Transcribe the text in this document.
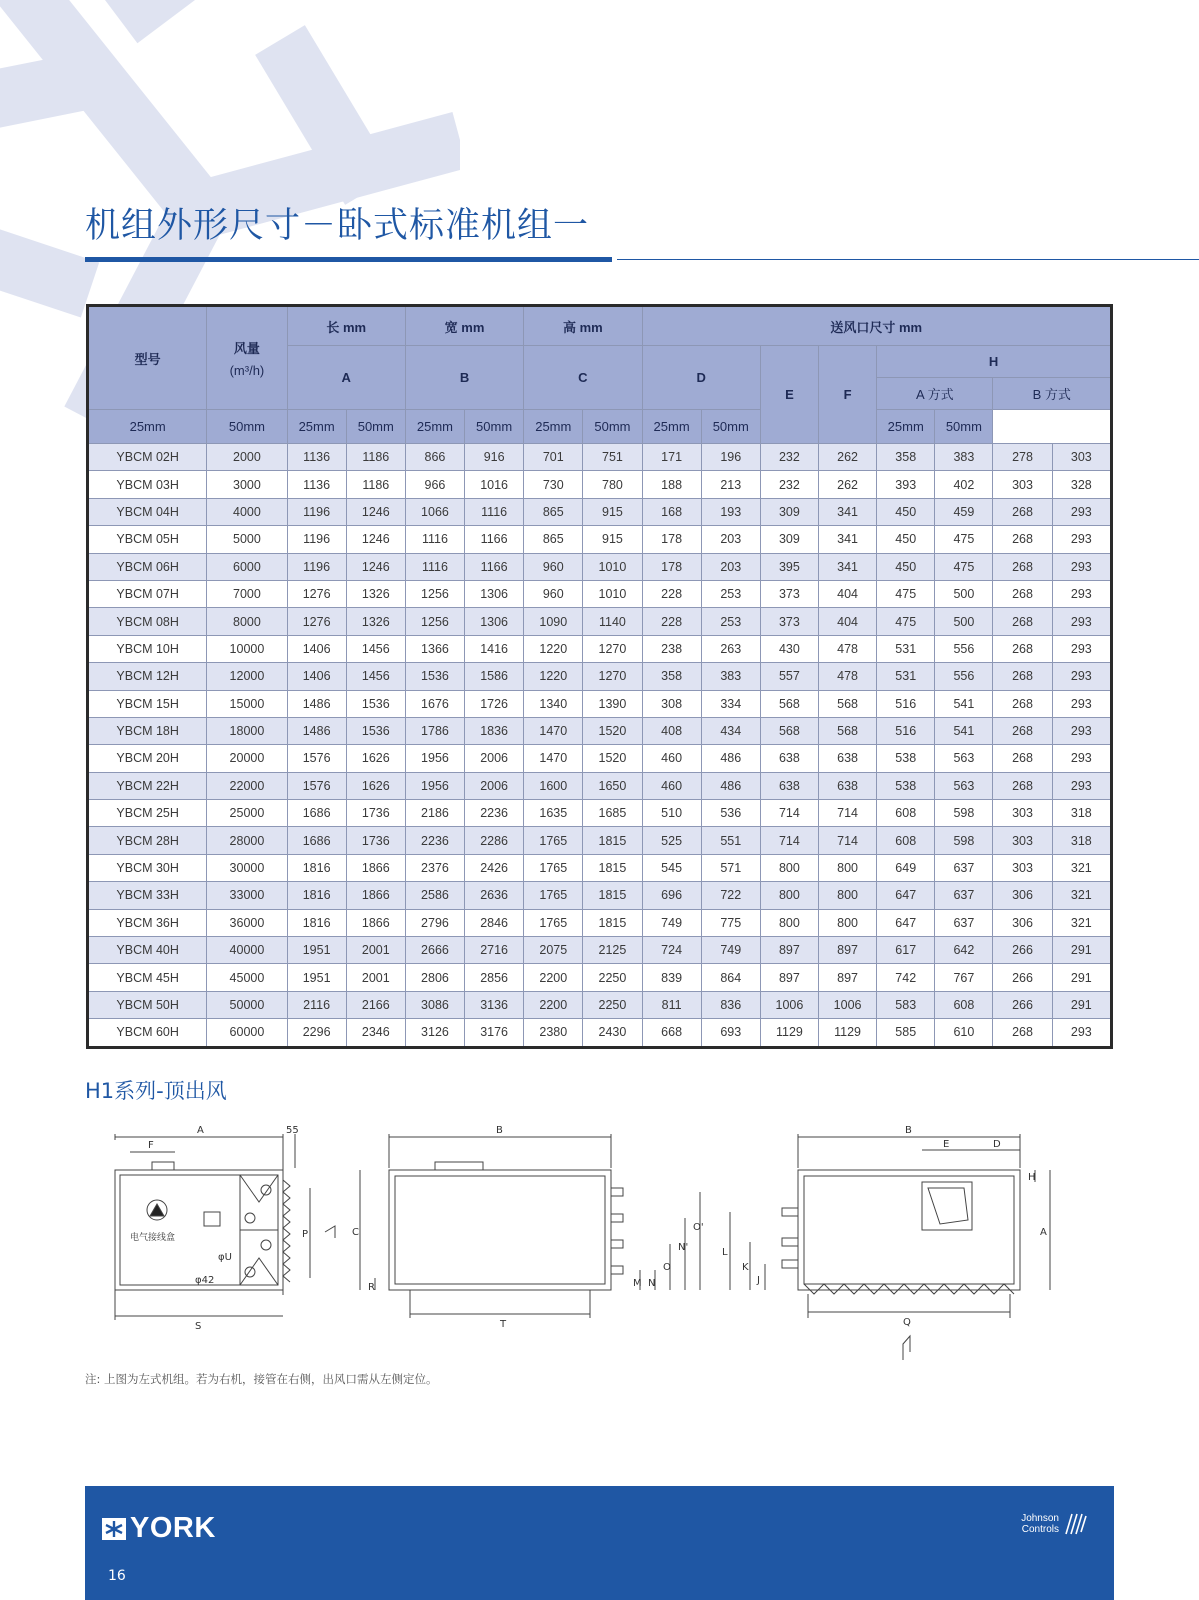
机组外形尺寸－卧式标准机组一
型号	风量
(m³/h)	长 mm		宽 mm		高 mm		送风口尺寸 mm							
		A		B		C		D		E	F	H			
												A 方式		B 方式	
25mm	50mm	25mm	50mm	25mm	50mm	25mm	50mm	25mm	50mm			25mm	50mm		
YBCM 02H	2000	1136	1186	866	916	701	751	171	196	232	262	358	383	278	303
YBCM 03H	3000	1136	1186	966	1016	730	780	188	213	232	262	393	402	303	328
YBCM 04H	4000	1196	1246	1066	1116	865	915	168	193	309	341	450	459	268	293
YBCM 05H	5000	1196	1246	1116	1166	865	915	178	203	309	341	450	475	268	293
YBCM 06H	6000	1196	1246	1116	1166	960	1010	178	203	395	341	450	475	268	293
YBCM 07H	7000	1276	1326	1256	1306	960	1010	228	253	373	404	475	500	268	293
YBCM 08H	8000	1276	1326	1256	1306	1090	1140	228	253	373	404	475	500	268	293
YBCM 10H	10000	1406	1456	1366	1416	1220	1270	238	263	430	478	531	556	268	293
YBCM 12H	12000	1406	1456	1536	1586	1220	1270	358	383	557	478	531	556	268	293
YBCM 15H	15000	1486	1536	1676	1726	1340	1390	308	334	568	568	516	541	268	293
YBCM 18H	18000	1486	1536	1786	1836	1470	1520	408	434	568	568	516	541	268	293
YBCM 20H	20000	1576	1626	1956	2006	1470	1520	460	486	638	638	538	563	268	293
YBCM 22H	22000	1576	1626	1956	2006	1600	1650	460	486	638	638	538	563	268	293
YBCM 25H	25000	1686	1736	2186	2236	1635	1685	510	536	714	714	608	598	303	318
YBCM 28H	28000	1686	1736	2236	2286	1765	1815	525	551	714	714	608	598	303	318
YBCM 30H	30000	1816	1866	2376	2426	1765	1815	545	571	800	800	649	637	303	321
YBCM 33H	33000	1816	1866	2586	2636	1765	1815	696	722	800	800	647	637	306	321
YBCM 36H	36000	1816	1866	2796	2846	1765	1815	749	775	800	800	647	637	306	321
YBCM 40H	40000	1951	2001	2666	2716	2075	2125	724	749	897	897	617	642	266	291
YBCM 45H	45000	1951	2001	2806	2856	2200	2250	839	864	897	897	742	767	266	291
YBCM 50H	50000	2116	2166	3086	3136	2200	2250	811	836	1006	1006	583	608	266	291
YBCM 60H	60000	2296	2346	3126	3176	2380	2430	668	693	1129	1129	585	610	268	293
H1系列-顶出风
A	55
F
电气接线盒
φU
φ42
P
S
B
C
R
T
M N
O
N'
O'
B
E	D
H
A
L
K
J
Q
注: 上图为左式机组。若为右机，接管在右侧，出风口需从左侧定位。
YORK
16
Johnson
Controls
